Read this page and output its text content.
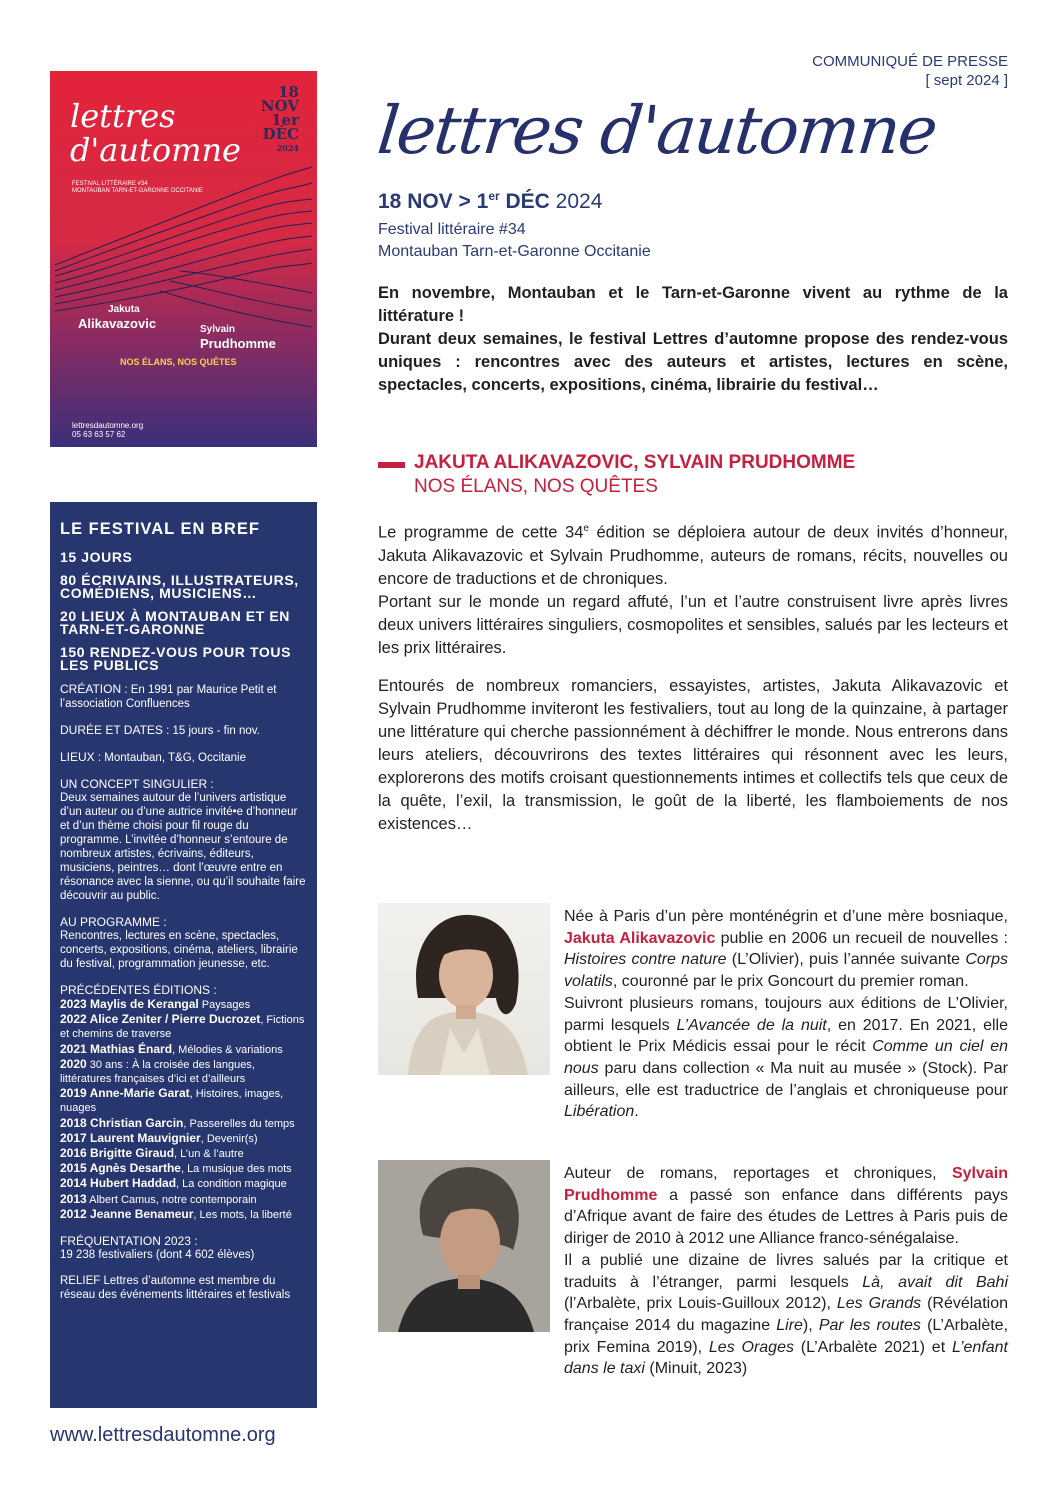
COMMUNIQUÉ DE PRESSE
[ sept 2024 ]
lettres d'automne
18 NOV > 1er DÉC 2024
Festival littéraire #34
Montauban Tarn-et-Garonne Occitanie

En novembre, Montauban et le Tarn-et-Garonne vivent au rythme de la littérature !

Durant deux semaines, le festival Lettres d’automne propose des rendez-vous uniques : rencontres avec des auteurs et artistes, lectures en scène, spectacles, concerts, expositions, cinéma, librairie du festival…

lettres
d'automne
18
NOV
1er
DÉC
2024
FESTIVAL LITTÉRAIRE #34
MONTAUBAN TARN-ET-GARONNE OCCITANIE
Jakuta
Alikavazovic	Sylvain
Prudhomme
NOS ÉLANS, NOS QUÊTES
lettresdautomne.org
05 63 63 57 62
LE FESTIVAL EN BREF
15 JOURS
80 ÉCRIVAINS, ILLUSTRATEURS, COMÉDIENS, MUSICIENS…
20 LIEUX À MONTAUBAN ET EN TARN-ET-GARONNE
150 RENDEZ-VOUS POUR TOUS LES PUBLICS
CRÉATION : En 1991 par Maurice Petit et l’association Confluences
DURÉE ET DATES : 15 jours - fin nov.
LIEUX : Montauban, T&G, Occitanie
UN CONCEPT SINGULIER :
Deux semaines autour de l’univers artistique d’un auteur ou d’une autrice invité•e d’honneur et d’un thème choisi pour fil rouge du programme. L’invitée d’honneur s’entoure de nombreux artistes, écrivains, éditeurs, musiciens, peintres… dont l’œuvre entre en résonance avec la sienne, ou qu’il souhaite faire découvrir au public.
AU PROGRAMME :
Rencontres, lectures en scène, spectacles, concerts, expositions, cinéma, ateliers, librairie du festival, programmation jeunesse, etc.
PRÉCÉDENTES ÉDITIONS :
2023 Maylis de Kerangal Paysages
2022 Alice Zeniter / Pierre Ducrozet, Fictions et chemins de traverse
2021 Mathias Énard, Mélodies & variations
2020 30 ans : À la croisée des langues, littératures françaises d’ici et d’ailleurs
2019 Anne-Marie Garat, Histoires, images, nuages
2018 Christian Garcin, Passerelles du temps
2017 Laurent Mauvignier, Devenir(s)
2016 Brigitte Giraud, L’un & l’autre
2015 Agnès Desarthe, La musique des mots
2014 Hubert Haddad, La condition magique
2013 Albert Camus, notre contemporain
2012 Jeanne Benameur, Les mots, la liberté
FRÉQUENTATION 2023 :
19 238 festivaliers (dont 4 602 élèves)
RELIEF Lettres d’automne est membre du réseau des événements littéraires et festivals
JAKUTA ALIKAVAZOVIC, SYLVAIN PRUDHOMME
NOS ÉLANS, NOS QUÊTES
Le programme de cette 34e édition se déploiera autour de deux invités d’honneur, Jakuta Alikavazovic et Sylvain Prudhomme, auteurs de romans, récits, nouvelles ou encore de traductions et de chroniques.
Portant sur le monde un regard affuté, l’un et l’autre construisent livre après livres deux univers littéraires singuliers, cosmopolites et sensibles, salués par les lecteurs et les prix littéraires.
Entourés de nombreux romanciers, essayistes, artistes, Jakuta Alikavazovic et Sylvain Prudhomme inviteront les festivaliers, tout au long de la quinzaine, à partager une littérature qui cherche passionnément à déchiffrer le monde. Nous entrerons dans leurs ateliers, découvrirons des textes littéraires qui résonnent avec les leurs, explorerons des motifs croisant questionnements intimes et collectifs tels que ceux de la quête, l’exil, la transmission, le goût de la liberté, les flamboiements de nos existences…
Née à Paris d’un père monténégrin et d’une mère bosniaque, Jakuta Alikavazovic publie en 2006 un recueil de nouvelles : Histoires contre nature (L’Olivier), puis l’année suivante Corps volatils, couronné par le prix Goncourt du premier roman.
Suivront plusieurs romans, toujours aux éditions de L’Olivier, parmi lesquels L’Avancée de la nuit, en 2017. En 2021, elle obtient le Prix Médicis essai pour le récit Comme un ciel en nous paru dans collection « Ma nuit au musée » (Stock). Par ailleurs, elle est traductrice de l’anglais et chroniqueuse pour Libération.
Auteur de romans, reportages et chroniques, Sylvain Prudhomme a passé son enfance dans différents pays d’Afrique avant de faire des études de Lettres à Paris puis de diriger de 2010 à 2012 une Alliance franco-sénégalaise.
Il a publié une dizaine de livres salués par la critique et traduits à l’étranger, parmi lesquels Là, avait dit Bahi (l’Arbalète, prix Louis-Guilloux 2012), Les Grands (Révélation française 2014 du magazine Lire), Par les routes (L’Arbalète, prix Femina 2019), Les Orages (L’Arbalète 2021) et L’enfant dans le taxi (Minuit, 2023)
www.lettresdautomne.org
